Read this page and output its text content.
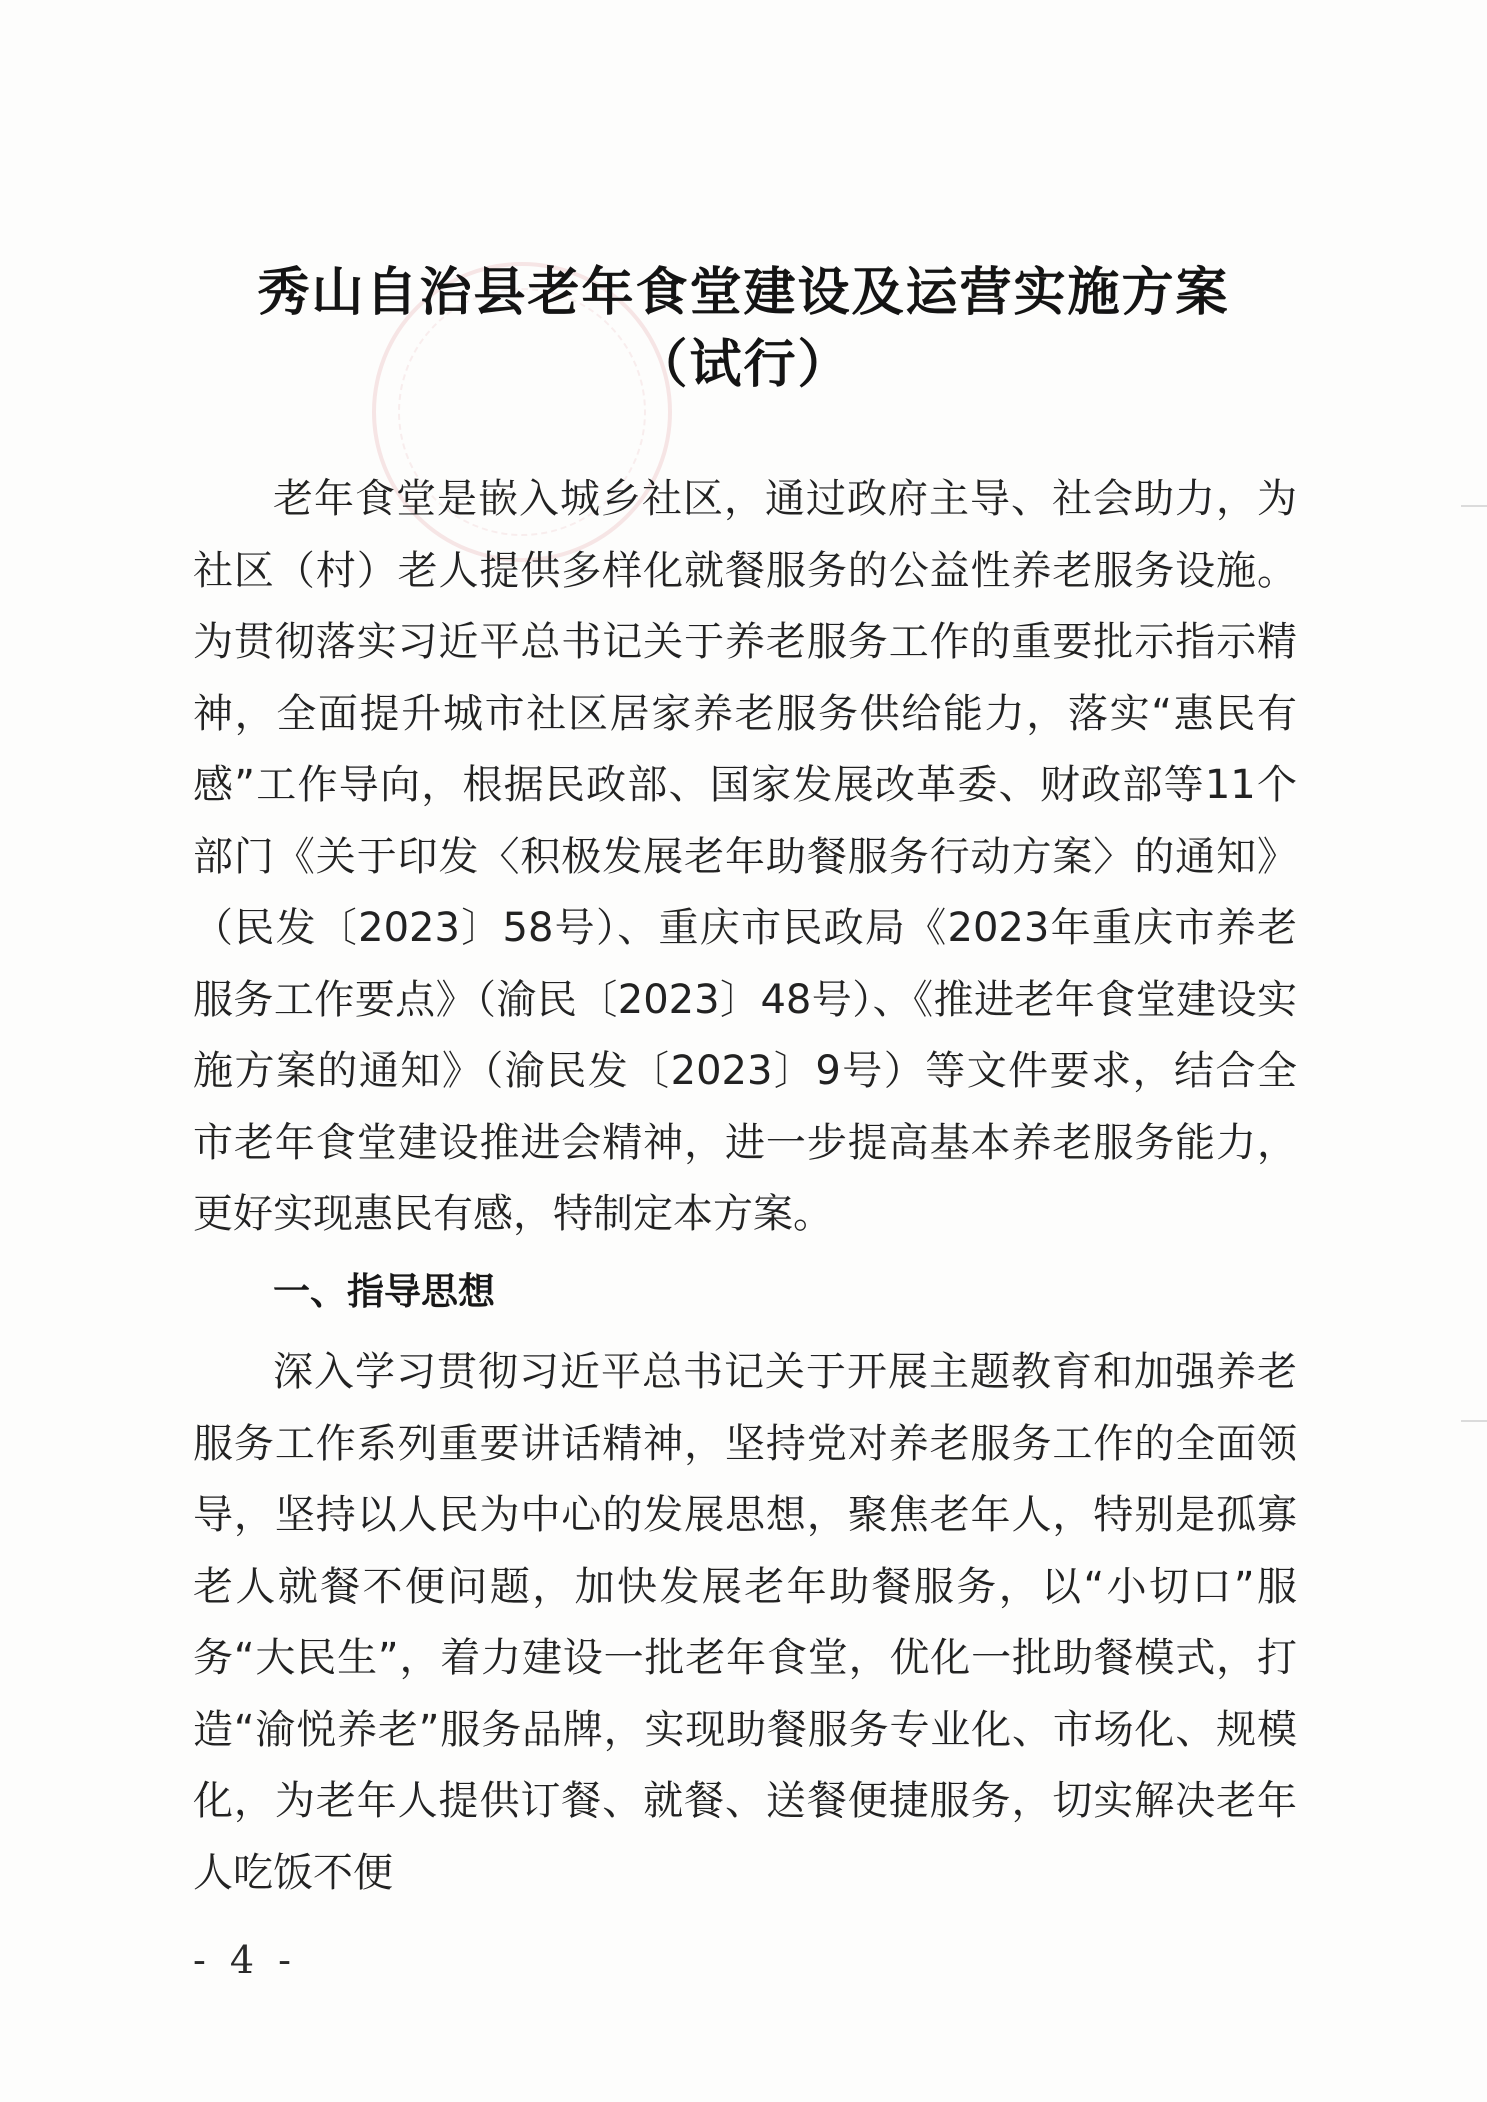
秀山自治县老年食堂建设及运营实施方案
（试行）

老年食堂是嵌入城乡社区，通过政府主导、社会助力，为社区（村）老人提供多样化就餐服务的公益性养老服务设施。为贯彻落实习近平总书记关于养老服务工作的重要批示指示精神，全面提升城市社区居家养老服务供给能力，落实“惠民有感”工作导向，根据民政部、国家发展改革委、财政部等11个部门《关于印发〈积极发展老年助餐服务行动方案〉的通知》（民发〔2023〕58号）、重庆市民政局《2023年重庆市养老服务工作要点》（渝民〔2023〕48号）、《推进老年食堂建设实施方案的通知》（渝民发〔2023〕9号）等文件要求，结合全市老年食堂建设推进会精神，进一步提高基本养老服务能力，更好实现惠民有感，特制定本方案。

一、指导思想

深入学习贯彻习近平总书记关于开展主题教育和加强养老服务工作系列重要讲话精神，坚持党对养老服务工作的全面领导，坚持以人民为中心的发展思想，聚焦老年人，特别是孤寡老人就餐不便问题，加快发展老年助餐服务，以“小切口”服务“大民生”，着力建设一批老年食堂，优化一批助餐模式，打造“渝悦养老”服务品牌，实现助餐服务专业化、市场化、规模化，为老年人提供订餐、就餐、送餐便捷服务，切实解决老年人吃饭不便

- 4 -
